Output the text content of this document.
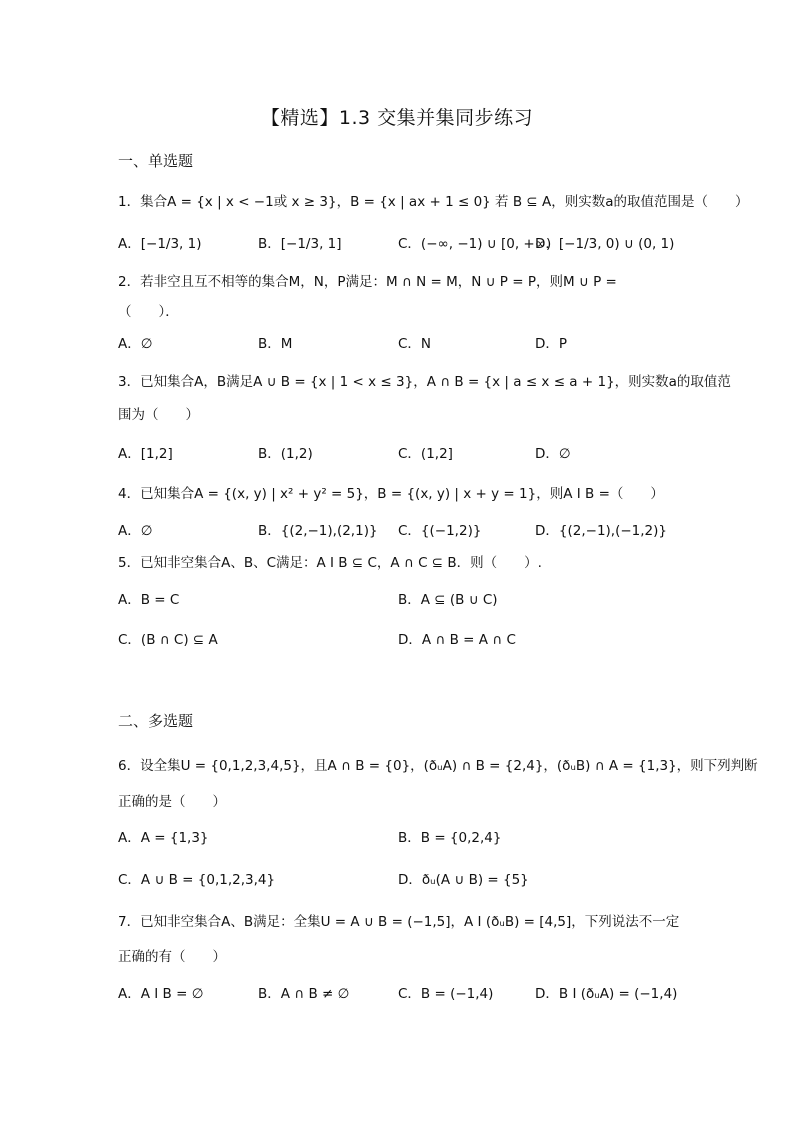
【精选】1.3 交集并集同步练习
一、单选题
1．集合A = {x | x < −1或 x ≥ 3}，B = {x | ax + 1 ≤ 0} 若 B ⊆ A，则实数a的取值范围是（　　）
A．[−1/3, 1)	B．[−1/3, 1]	C．(−∞, −1) ∪ [0, +∞)
D．[−1/3, 0) ∪ (0, 1)
2．若非空且互不相等的集合M，N，P满足：M ∩ N = M，N ∪ P = P，则M ∪ P =
（　　）．
A．∅	B．M	C．N	D．P
3．已知集合A，B满足A ∪ B = {x | 1 < x ≤ 3}，A ∩ B = {x | a ≤ x ≤ a + 1}，则实数a的取值范
围为（　　）
A．[1,2]	B．(1,2)	C．(1,2]	D．∅
4．已知集合A = {(x, y) | x² + y² = 5}，B = {(x, y) | x + y = 1}，则A I B =（　　）
A．∅	B．{(2,−1),(2,1)} C．{(−1,2)}	D．{(2,−1),(−1,2)}
5．已知非空集合A、B、C满足：A I B ⊆ C，A ∩ C ⊆ B．则（　　）.
A．B = C	B．A ⊆ (B ∪ C)
C．(B ∩ C) ⊆ A	D．A ∩ B = A ∩ C
二、多选题
6．设全集U = {0,1,2,3,4,5}，且A ∩ B = {0}，(ðᵤA) ∩ B = {2,4}，(ðᵤB) ∩ A = {1,3}，则下列判断
正确的是（　　）
A．A = {1,3}	B．B = {0,2,4}
C．A ∪ B = {0,1,2,3,4}	D．ðᵤ(A ∪ B) = {5}
7．已知非空集合A、B满足：全集U = A ∪ B = (−1,5]，A I (ðᵤB) = [4,5]，下列说法不一定
正确的有（　　）
A．A I B = ∅	B．A ∩ B ≠ ∅	C．B = (−1,4)	D．B I (ðᵤA) = (−1,4)
